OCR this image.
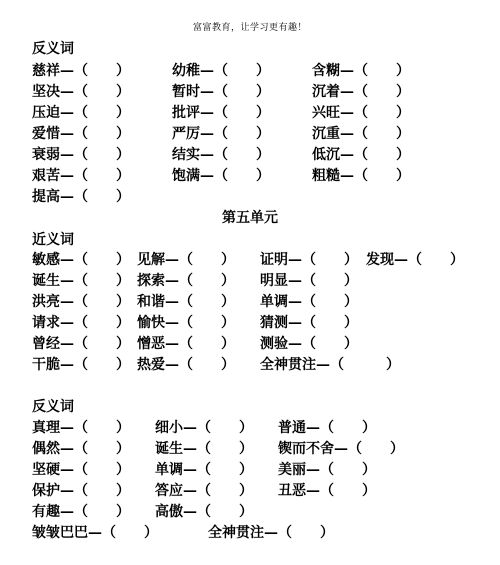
富富教育，让学习更有趣！
反义词
慈祥—（　　）	幼稚—（　　）	含糊—（　　）
坚决—（　　）	暂时—（　　）	沉着—（　　）
压迫—（　　）	批评—（　　）	兴旺—（　　）
爱惜—（　　）	严厉—（　　）	沉重—（　　）
衰弱—（　　）	结实—（　　）	低沉—（　　）
艰苦—（　　）	饱满—（　　）	粗糙—（　　）
提高—（　　）
第五单元
近义词
敏感—（　　） 见解—（　　） 证明—（　　） 发现—（　　）
诞生—（　　） 探索—（　　） 明显—（　　）
洪亮—（　　） 和谐—（　　） 单调—（　　）
请求—（　　） 愉快—（　　） 猜测—（　　）
曾经—（　　） 憎恶—（　　） 测验—（　　）
干脆—（　　） 热爱—（　　） 全神贯注—（　　　）
反义词
真理—（　　） 细小—（　　） 普通—（　　）
偶然—（　　） 诞生—（　　） 锲而不舍—（　　）
坚硬—（　　） 单调—（　　） 美丽—（　　）
保护—（　　） 答应—（　　） 丑恶—（　　）
有趣—（　　） 高傲—（　　）
皱皱巴巴—（　　）	全神贯注—（　　）
